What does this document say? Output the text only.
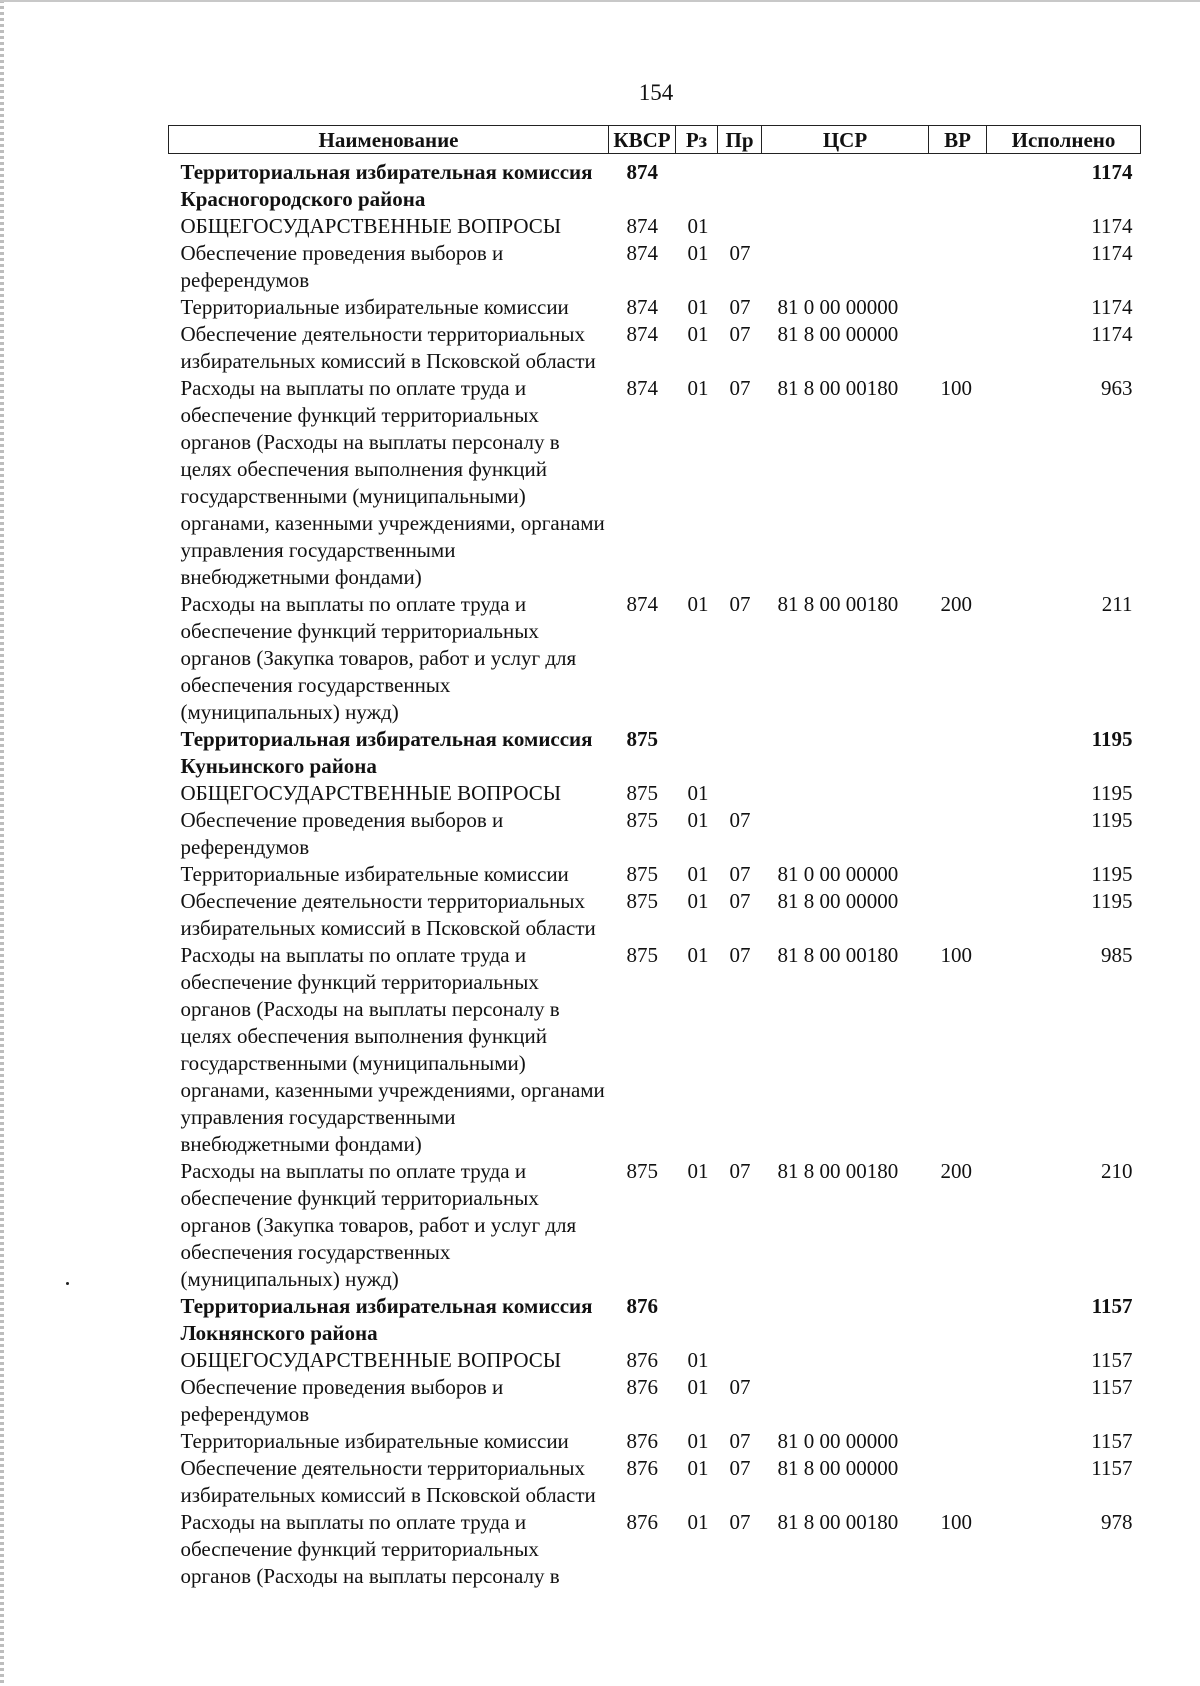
154
Наименование	КВСР	Рз	Пр	ЦСР	ВР	Исполнено
Территориальная избирательная комиссия Красногородского района	874					1174
ОБЩЕГОСУДАРСТВЕННЫЕ ВОПРОСЫ	874	01				1174
Обеспечение проведения выборов и референдумов	874	01	07			1174
Территориальные избирательные комиссии	874	01	07	81 0 00 00000		1174
Обеспечение деятельности территориальных избирательных комиссий в Псковской области	874	01	07	81 8 00 00000		1174
Расходы на выплаты по оплате труда и обеспечение функций территориальных органов (Расходы на выплаты персоналу в целях обеспечения выполнения функций государственными (муниципальными) органами, казенными учреждениями, органами управления государственными внебюджетными фондами)	874	01	07	81 8 00 00180	100	963
Расходы на выплаты по оплате труда и обеспечение функций территориальных органов (Закупка товаров, работ и услуг для обеспечения государственных (муниципальных) нужд)	874	01	07	81 8 00 00180	200	211
Территориальная избирательная комиссия Куньинского района	875					1195
ОБЩЕГОСУДАРСТВЕННЫЕ ВОПРОСЫ	875	01				1195
Обеспечение проведения выборов и референдумов	875	01	07			1195
Территориальные избирательные комиссии	875	01	07	81 0 00 00000		1195
Обеспечение деятельности территориальных избирательных комиссий в Псковской области	875	01	07	81 8 00 00000		1195
Расходы на выплаты по оплате труда и обеспечение функций территориальных органов (Расходы на выплаты персоналу в целях обеспечения выполнения функций государственными (муниципальными) органами, казенными учреждениями, органами управления государственными внебюджетными фондами)	875	01	07	81 8 00 00180	100	985
Расходы на выплаты по оплате труда и обеспечение функций территориальных органов (Закупка товаров, работ и услуг для обеспечения государственных (муниципальных) нужд)	875	01	07	81 8 00 00180	200	210
Территориальная избирательная комиссия Локнянского района	876					1157
ОБЩЕГОСУДАРСТВЕННЫЕ ВОПРОСЫ	876	01				1157
Обеспечение проведения выборов и референдумов	876	01	07			1157
Территориальные избирательные комиссии	876	01	07	81 0 00 00000		1157
Обеспечение деятельности территориальных избирательных комиссий в Псковской области	876	01	07	81 8 00 00000		1157
Расходы на выплаты по оплате труда и обеспечение функций территориальных органов (Расходы на выплаты персоналу в	876	01	07	81 8 00 00180	100	978
